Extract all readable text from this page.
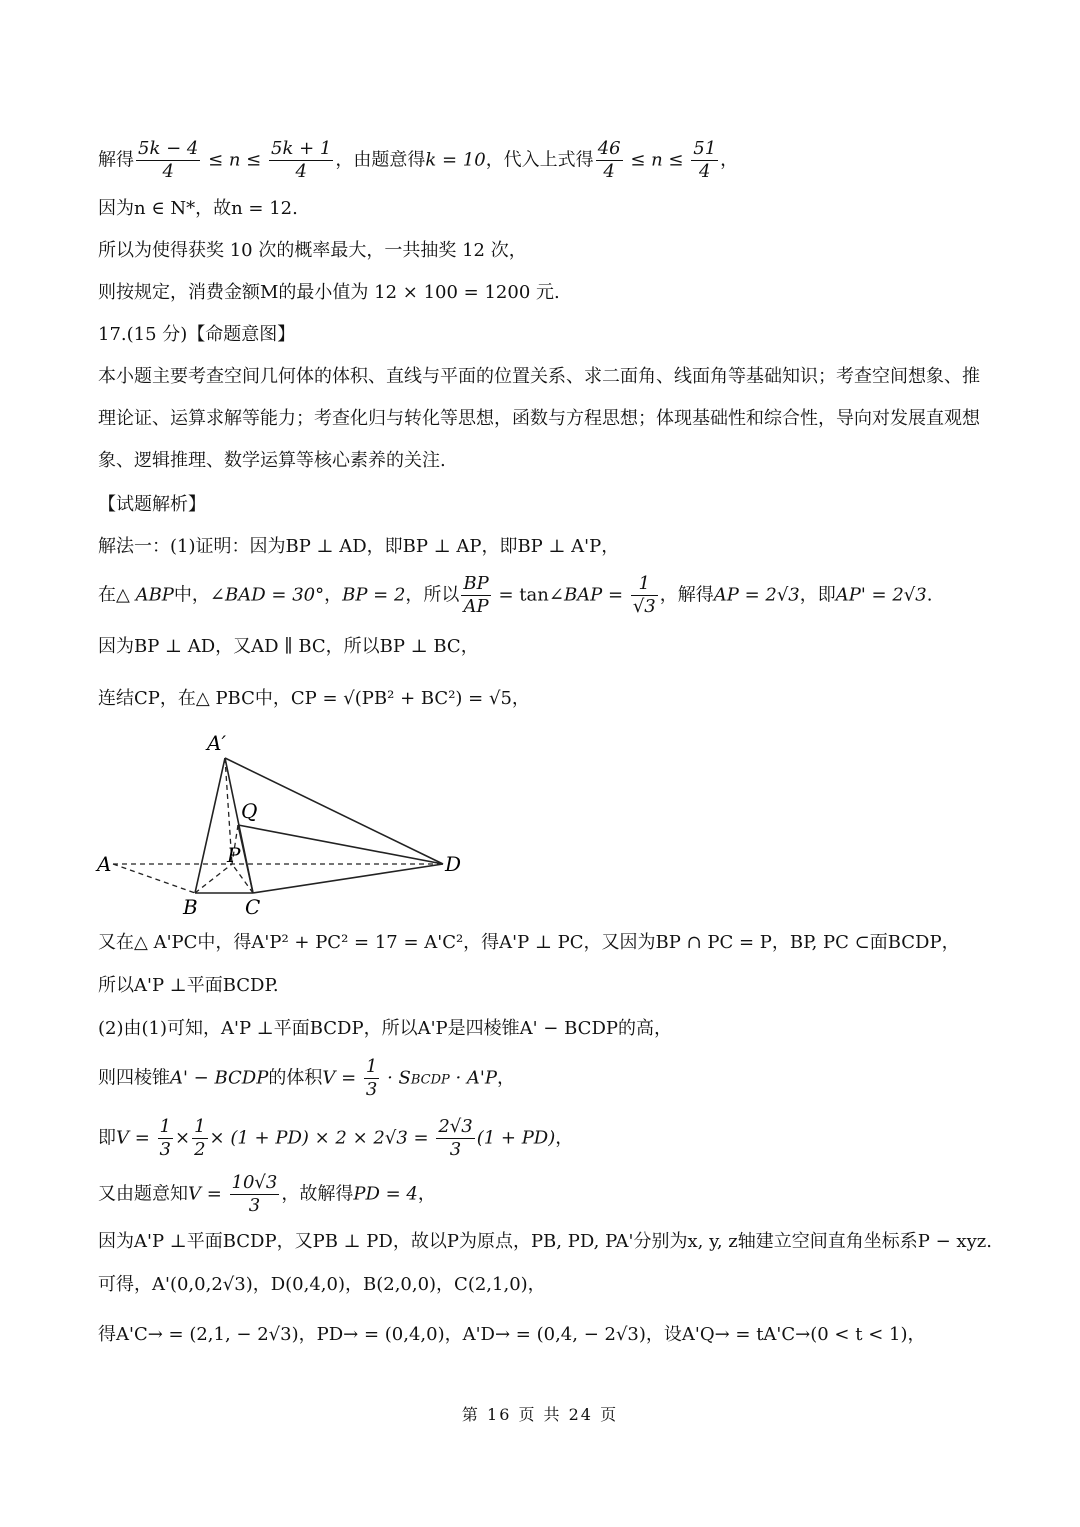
解得 $\frac{5k - 4}{4} \le n \le \frac{5k + 1}{4}$ ，由题意得k = 10，代入上式得 $\frac{46}{4} \le n \le \frac{51}{4}$ ，
因为n ∈ N*，故n = 12.
所以为使得获奖 10 次的概率最大，一共抽奖 12 次，
则按规定，消费金额M的最小值为 12 × 100 = 1200 元.
17.(15 分)【命题意图】
本小题主要考查空间几何体的体积、直线与平面的位置关系、求二面角、线面角等基础知识；考查空间想象、推理论证、运算求解等能力；考查化归与转化等思想，函数与方程思想；体现基础性和综合性，导向对发展直观想象、逻辑推理、数学运算等核心素养的关注.
【试题解析】
解法一：(1)证明：因为BP ⊥ AD，即BP ⊥ AP，即BP ⊥ A'P，
在△ ABP中，∠BAD = 30°，BP = 2，所以 $\frac{BP}{AP}$ = tan∠BAP = $\frac{1}{√3}$ ，解得AP = 2√3，即AP' = 2√3.
因为BP ⊥ AD，又AD ∥ BC，所以BP ⊥ BC，
连结CP，在△ PBC中，CP = √(PB² + BC²) = √5，
A′
Q
P
A	D
B C
又在△ A'PC中，得A'P² + PC² = 17 = A'C²，得A'P ⊥ PC，又因为BP ∩ PC = P，BP, PC ⊂面BCDP，
所以A'P ⊥平面BCDP.
(2)由(1)可知，A'P ⊥平面BCDP，所以A'P是四棱锥A' − BCDP的高，
则四棱锥A' − BCDP的体积$V = \frac{1}{3}$ · SBCDP · A'P，
即$V = \frac{1}{3} \times \frac{1}{2} \times (1 + PD) \times 2 \times 2√3 = \frac{2√3}{3} (1 + PD)$，
又由题意知$V = \frac{10√3}{3}$ ，故解得PD = 4，
因为A'P ⊥平面BCDP，又PB ⊥ PD，故以P为原点，PB, PD, PA'分别为x, y, z轴建立空间直角坐标系P − xyz.
可得，A'(0,0,2√3)，D(0,4,0)，B(2,0,0)，C(2,1,0)，
得A'C→ = (2,1, − 2√3)，PD→ = (0,4,0)，A'D→ = (0,4, − 2√3)，设A'Q→ = tA'C→(0 < t < 1)，
第 16 页 共 24 页
